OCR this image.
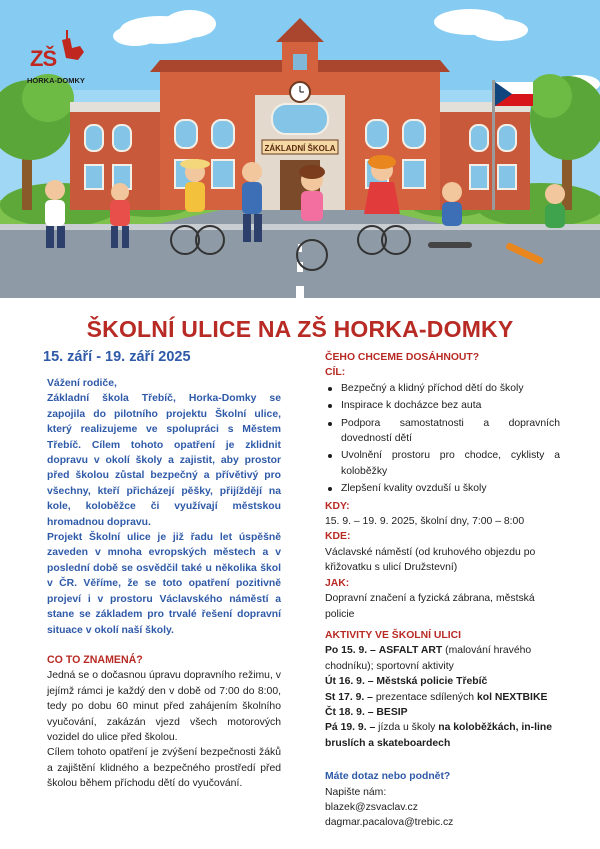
ZÁKLADNÍ ŠKOLA
ZŠ
HORKA-DOMKY
ŠKOLNÍ ULICE NA ZŠ HORKA-DOMKY
15. září - 19. září 2025
Vážení rodiče,
Základní škola Třebíč, Horka-Domky se zapojila do pilotního projektu Školní ulice, který realizujeme ve spolupráci s Městem Třebíč. Cílem tohoto opatření je zklidnit dopravu v okolí školy a zajistit, aby prostor před školou zůstal bezpečný a přívětivý pro všechny, kteří přicházejí pěšky, přijíždějí na kole, koloběžce či využívají městskou hromadnou dopravu.
Projekt Školní ulice je již řadu let úspěšně zaveden v mnoha evropských městech a v poslední době se osvědčil také u několika škol v ČR. Věříme, že se toto opatření pozitivně projeví i v prostoru Václavského náměstí a stane se základem pro trvalé řešení dopravní situace v okolí naší školy.
CO TO ZNAMENÁ?
Jedná se o dočasnou úpravu dopravního režimu, v jejímž rámci je každý den v době od 7:00 do 8:00, tedy po dobu 60 minut před zahájením školního vyučování, zakázán vjezd všech motorových vozidel do ulice před školou.
Cílem tohoto opatření je zvýšení bezpečnosti žáků a zajištění klidného a bezpečného prostředí před školou během příchodu dětí do vyučování.
ČEHO CHCEME DOSÁHNOUT?
CÍL:
Bezpečný a klidný příchod dětí do školy
Inspirace k docházce bez auta
Podpora samostatnosti a dopravních dovedností dětí
Uvolnění prostoru pro chodce, cyklisty a koloběžky
Zlepšení kvality ovzduší u školy
KDY:
15. 9. – 19. 9. 2025, školní dny, 7:00 – 8:00
KDE:
Václavské náměstí (od kruhového objezdu po křižovatku s ulicí Družstevní)
JAK:
Dopravní značení a fyzická zábrana, městská policie
AKTIVITY VE ŠKOLNÍ ULICI
Po 15. 9. – ASFALT ART (malování hravého chodníku); sportovní aktivity
Út 16. 9. – Městská policie Třebíč
St 17. 9. – prezentace sdílených kol NEXTBIKE
Čt 18. 9. – BESIP
Pá 19. 9. – jízda u školy na koloběžkách, in-line bruslích a skateboardech
Máte dotaz nebo podnět?
Napište nám:
blazek@zsvaclav.cz
dagmar.pacalova@trebic.cz
